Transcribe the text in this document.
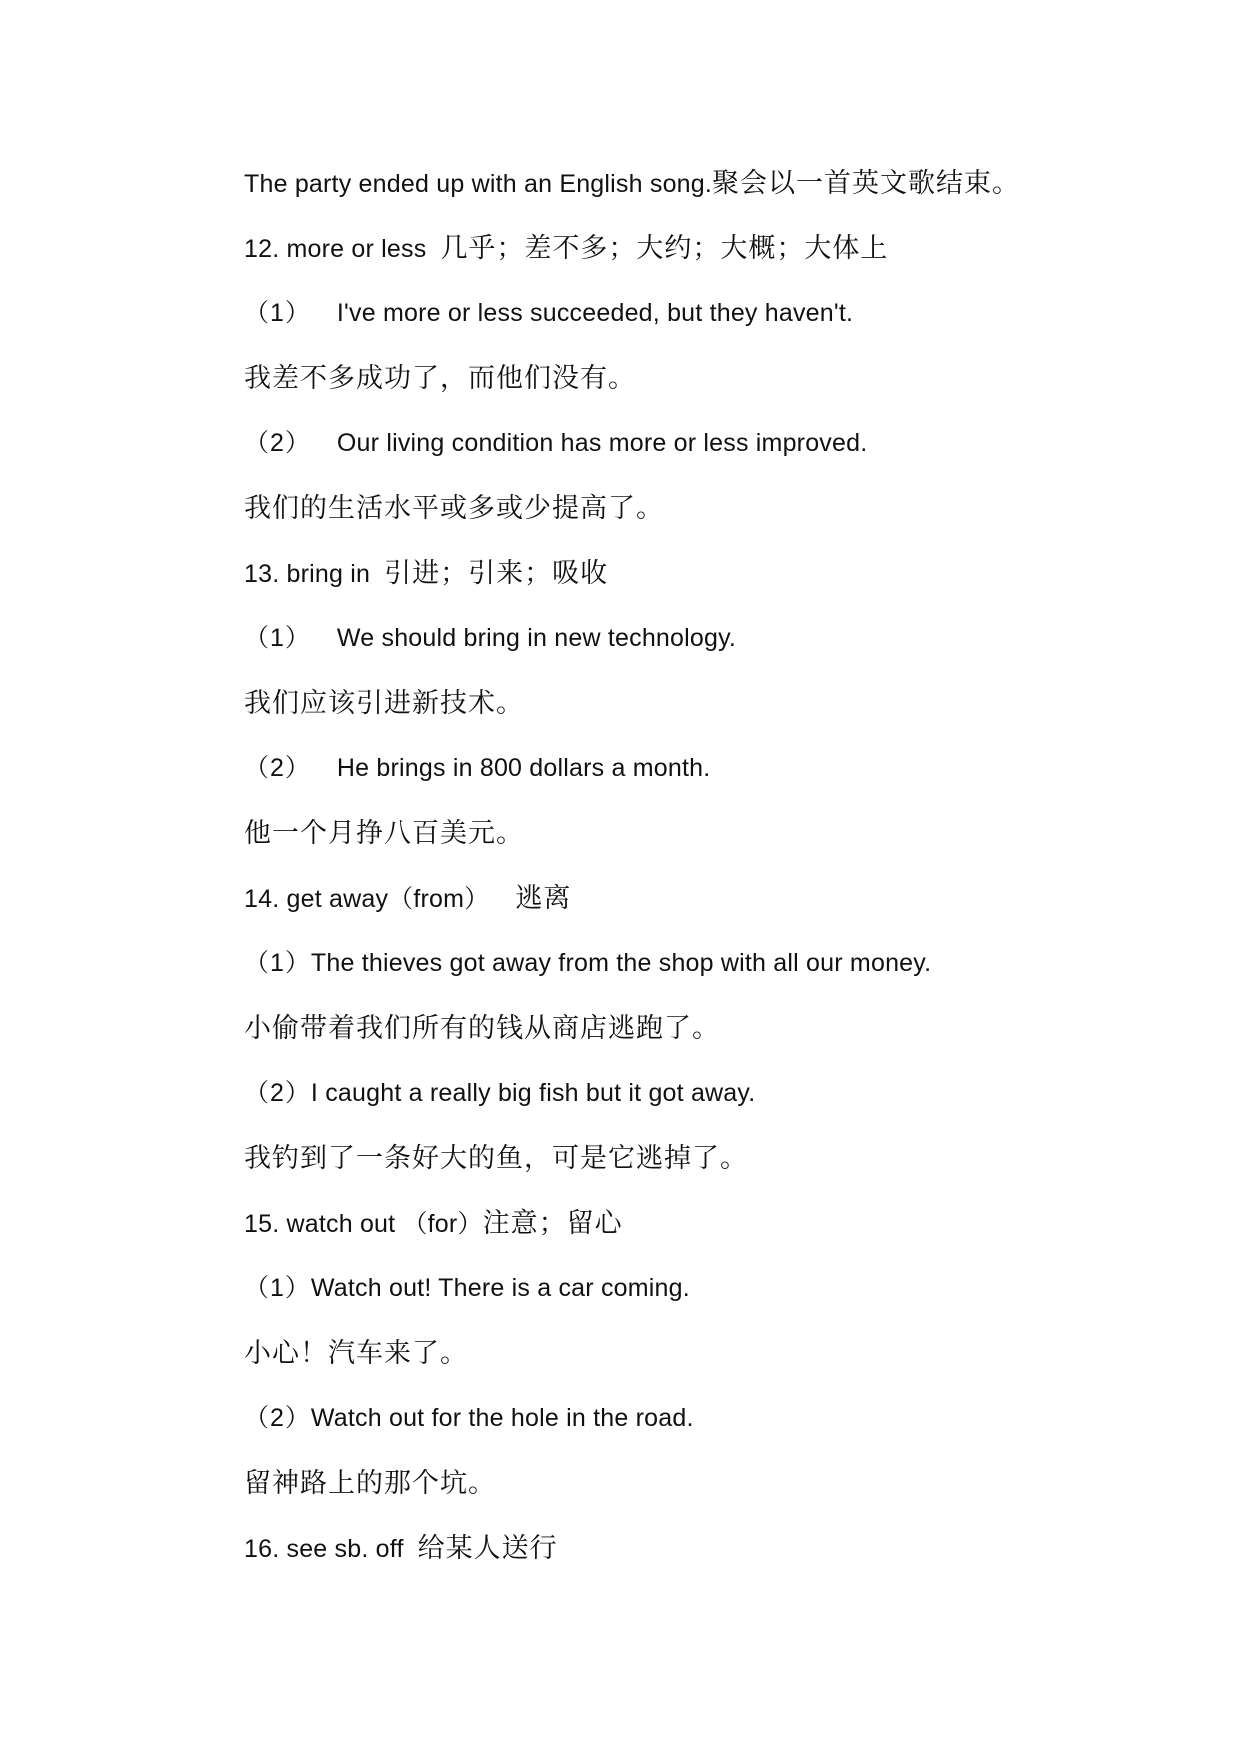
The party ended up with an English song.聚会以一首英文歌结束。
12. more or less 几乎；差不多；大约；大概；大体上
（1） I've more or less succeeded, but they haven't.
我差不多成功了，而他们没有。
（2） Our living condition has more or less improved.
我们的生活水平或多或少提高了。
13. bring in 引进；引来；吸收
（1） We should bring in new technology.
我们应该引进新技术。
（2） He brings in 800 dollars a month.
他一个月挣八百美元。
14. get away（from） 逃离
（1）The thieves got away from the shop with all our money.
小偷带着我们所有的钱从商店逃跑了。
（2）I caught a really big fish but it got away.
我钓到了一条好大的鱼，可是它逃掉了。
15. watch out （for）注意；留心
（1）Watch out! There is a car coming.
小心！汽车来了。
（2）Watch out for the hole in the road.
留神路上的那个坑。
16. see sb. off 给某人送行
